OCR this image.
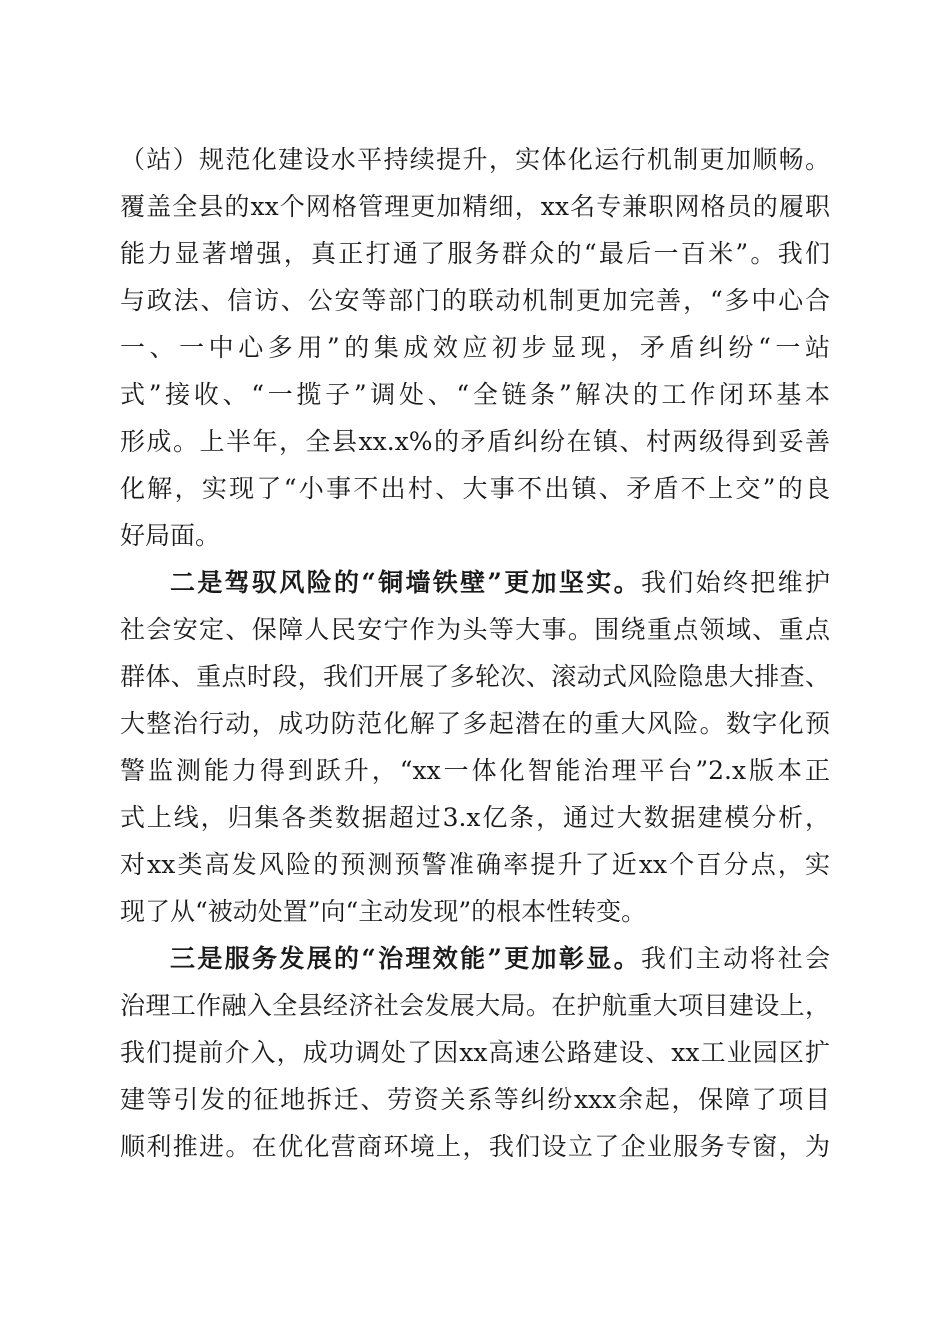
（站）规范化建设水平持续提升，实体化运行机制更加顺畅。
覆盖全县的xx个网格管理更加精细，xx名专兼职网格员的履职
能力显著增强，真正打通了服务群众的“最后一百米”。我们
与政法、信访、公安等部门的联动机制更加完善，“多中心合
一、一中心多用”的集成效应初步显现，矛盾纠纷“一站
式”接收、“一揽子”调处、“全链条”解决的工作闭环基本
形成。上半年，全县xx.x%的矛盾纠纷在镇、村两级得到妥善
化解，实现了“小事不出村、大事不出镇、矛盾不上交”的良
好局面。
二是驾驭风险的“铜墙铁壁”更加坚实。我们始终把维护
社会安定、保障人民安宁作为头等大事。围绕重点领域、重点
群体、重点时段，我们开展了多轮次、滚动式风险隐患大排查、
大整治行动，成功防范化解了多起潜在的重大风险。数字化预
警监测能力得到跃升，“xx一体化智能治理平台”2.x版本正
式上线，归集各类数据超过3.x亿条，通过大数据建模分析，
对xx类高发风险的预测预警准确率提升了近xx个百分点，实
现了从“被动处置”向“主动发现”的根本性转变。
三是服务发展的“治理效能”更加彰显。我们主动将社会
治理工作融入全县经济社会发展大局。在护航重大项目建设上，
我们提前介入，成功调处了因xx高速公路建设、xx工业园区扩
建等引发的征地拆迁、劳资关系等纠纷xxx余起，保障了项目
顺利推进。在优化营商环境上，我们设立了企业服务专窗，为
